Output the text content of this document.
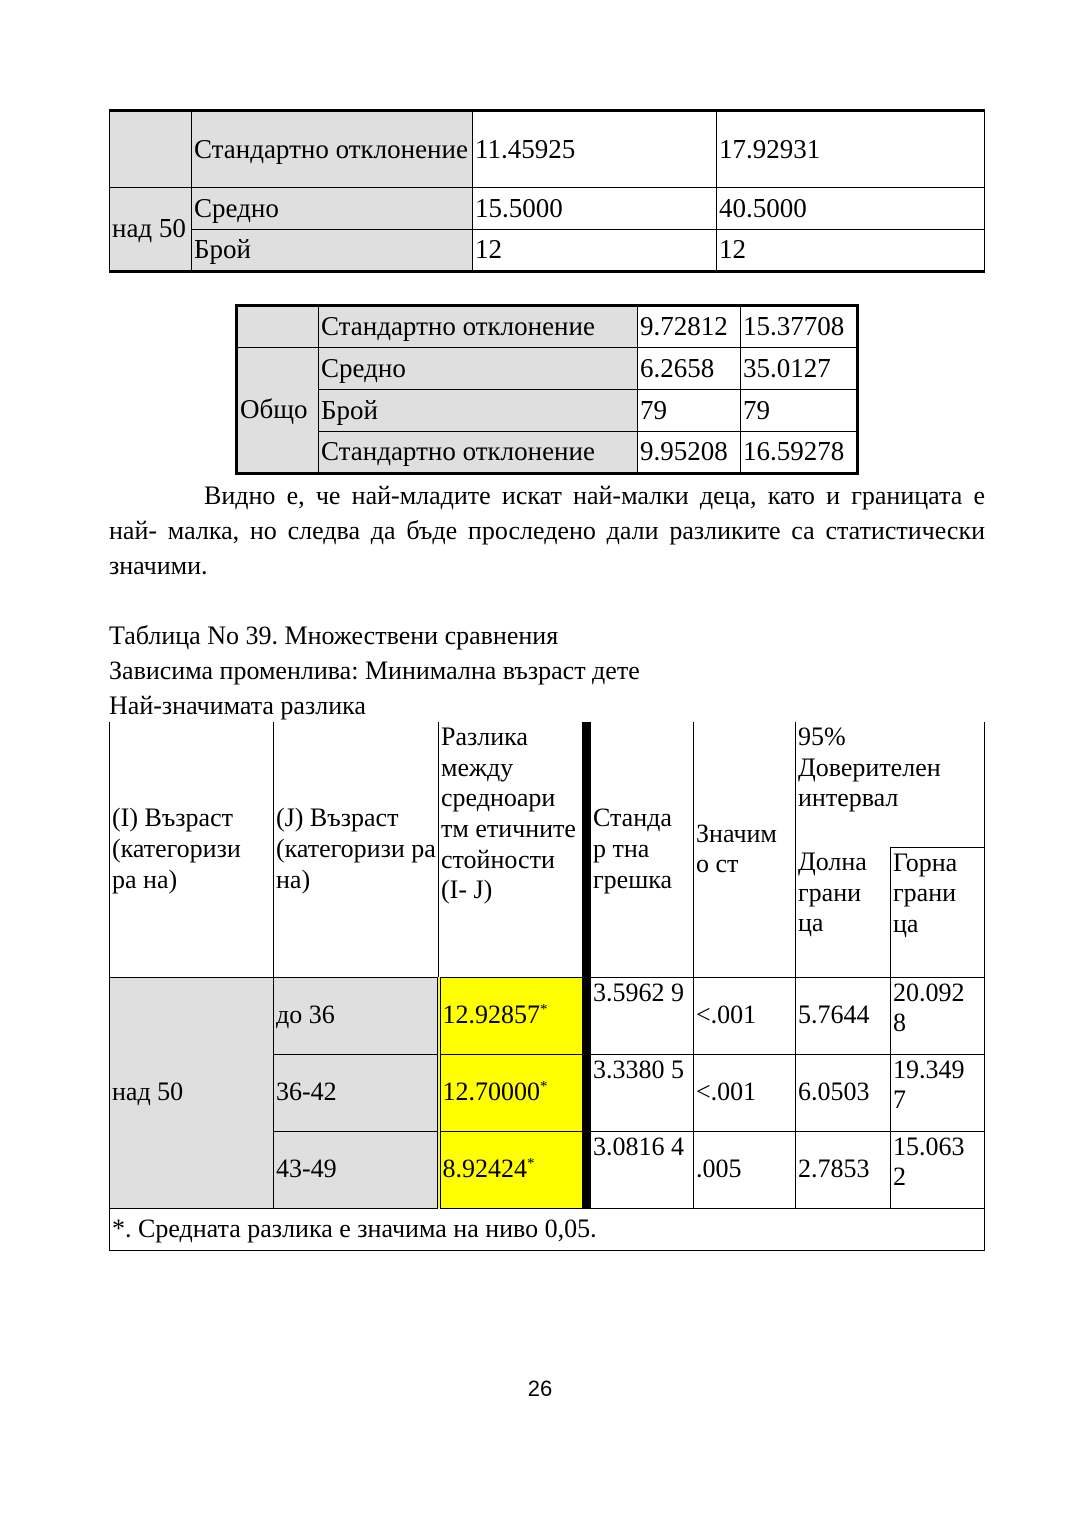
	Стандартно отклонение	11.45925	17.92931
над 50	Средно	15.5000	40.5000
	Брой	12	12
	Стандартно отклонение	9.72812	15.37708
Общо	Средно	6.2658	35.0127
	Брой	79	79
	Стандартно отклонение	9.95208	16.59278
Видно е, че най-младите искат най-малки деца, като и границата е най- малка, но следва да бъде проследено дали разликите са статистически значими.
Таблица No 39. Множествени сравнения
Зависима променлива: Минимална възраст дете
Най-значимата разлика
(I) Възраст (категоризи ра на)	(J) Възраст (категоризи ра на)	Разлика между средноари тм етичните стойности (I- J)	Станда р тна грешка	Значим о ст	95% Доверителен интервал	
					Долна грани ца	Горна грани ца
над 50	до 36	12.92857*	3.5962 9	<.001	5.7644	20.092 8
	36-42	12.70000*	3.3380 5	<.001	6.0503	19.349 7
	43-49	8.92424*	3.0816 4	.005	2.7853	15.063 2
*. Средната разлика е значима на ниво 0,05.						
26
